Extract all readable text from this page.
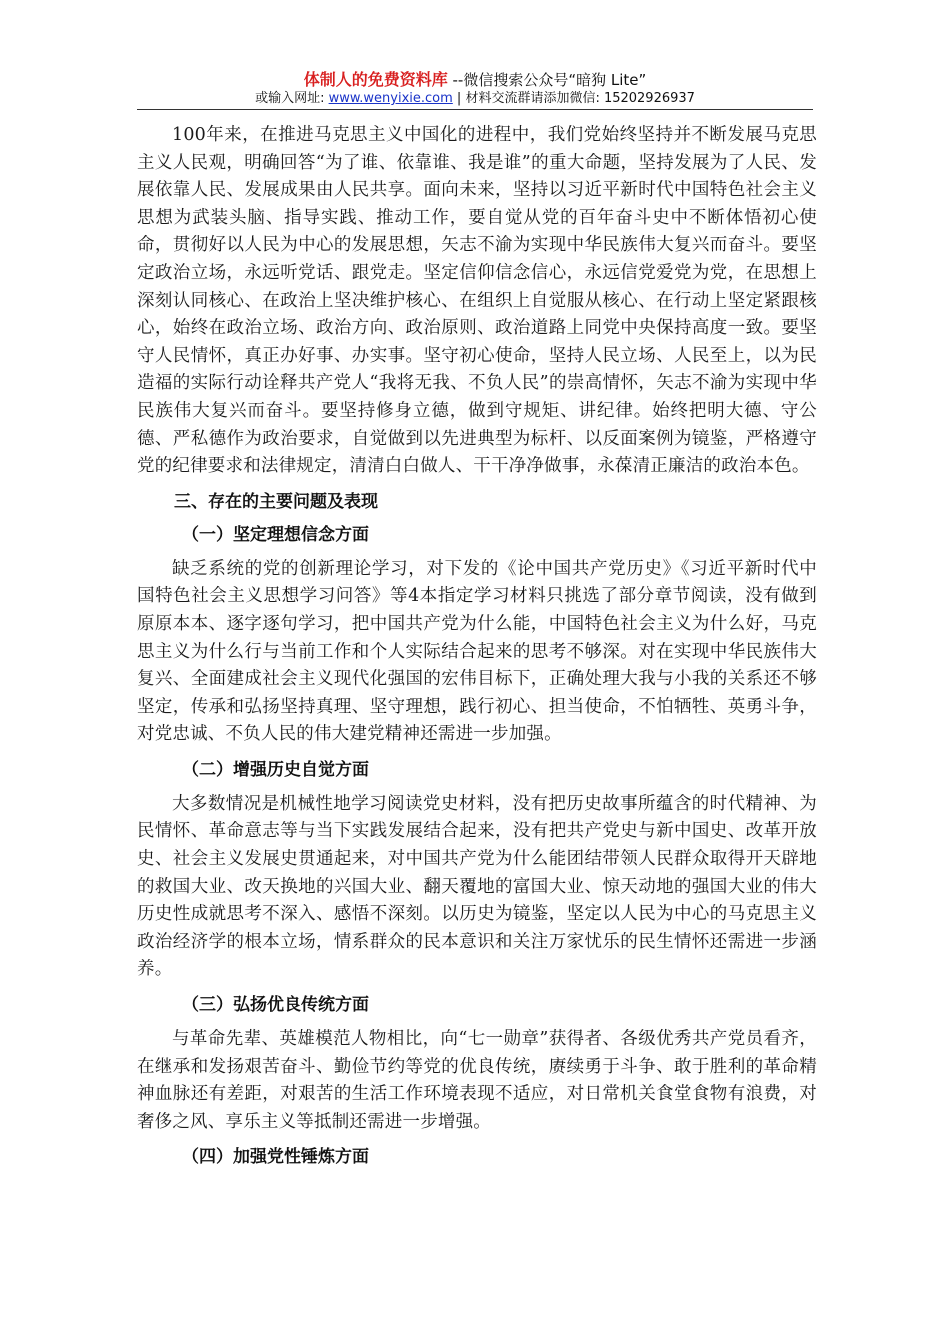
体制人的免费资料库 --微信搜索公众号“暗狗 Lite”
或输入网址: www.wenyixie.com | 材料交流群请添加微信: 15202926937

100年来，在推进马克思主义中国化的进程中，我们党始终坚持并不断发展马克思主义人民观，明确回答“为了谁、依靠谁、我是谁”的重大命题，坚持发展为了人民、发展依靠人民、发展成果由人民共享。面向未来，坚持以习近平新时代中国特色社会主义思想为武装头脑、指导实践、推动工作，要自觉从党的百年奋斗史中不断体悟初心使命，贯彻好以人民为中心的发展思想，矢志不渝为实现中华民族伟大复兴而奋斗。要坚定政治立场，永远听党话、跟党走。坚定信仰信念信心，永远信党爱党为党，在思想上深刻认同核心、在政治上坚决维护核心、在组织上自觉服从核心、在行动上坚定紧跟核心，始终在政治立场、政治方向、政治原则、政治道路上同党中央保持高度一致。要坚守人民情怀，真正办好事、办实事。坚守初心使命，坚持人民立场、人民至上，以为民造福的实际行动诠释共产党人“我将无我、不负人民”的崇高情怀，矢志不渝为实现中华民族伟大复兴而奋斗。要坚持修身立德，做到守规矩、讲纪律。始终把明大德、守公德、严私德作为政治要求，自觉做到以先进典型为标杆、以反面案例为镜鉴，严格遵守党的纪律要求和法律规定，清清白白做人、干干净净做事，永葆清正廉洁的政治本色。

三、存在的主要问题及表现
（一）坚定理想信念方面

缺乏系统的党的创新理论学习，对下发的《论中国共产党历史》《习近平新时代中国特色社会主义思想学习问答》等4本指定学习材料只挑选了部分章节阅读，没有做到原原本本、逐字逐句学习，把中国共产党为什么能，中国特色社会主义为什么好，马克思主义为什么行与当前工作和个人实际结合起来的思考不够深。对在实现中华民族伟大复兴、全面建成社会主义现代化强国的宏伟目标下，正确处理大我与小我的关系还不够坚定，传承和弘扬坚持真理、坚守理想，践行初心、担当使命，不怕牺牲、英勇斗争，对党忠诚、不负人民的伟大建党精神还需进一步加强。

（二）增强历史自觉方面

大多数情况是机械性地学习阅读党史材料，没有把历史故事所蕴含的时代精神、为民情怀、革命意志等与当下实践发展结合起来，没有把共产党史与新中国史、改革开放史、社会主义发展史贯通起来，对中国共产党为什么能团结带领人民群众取得开天辟地的救国大业、改天换地的兴国大业、翻天覆地的富国大业、惊天动地的强国大业的伟大历史性成就思考不深入、感悟不深刻。以历史为镜鉴，坚定以人民为中心的马克思主义政治经济学的根本立场，情系群众的民本意识和关注万家忧乐的民生情怀还需进一步涵养。

（三）弘扬优良传统方面

与革命先辈、英雄模范人物相比，向“七一勋章”获得者、各级优秀共产党员看齐，在继承和发扬艰苦奋斗、勤俭节约等党的优良传统，赓续勇于斗争、敢于胜利的革命精神血脉还有差距，对艰苦的生活工作环境表现不适应，对日常机关食堂食物有浪费，对奢侈之风、享乐主义等抵制还需进一步增强。

（四）加强党性锤炼方面
